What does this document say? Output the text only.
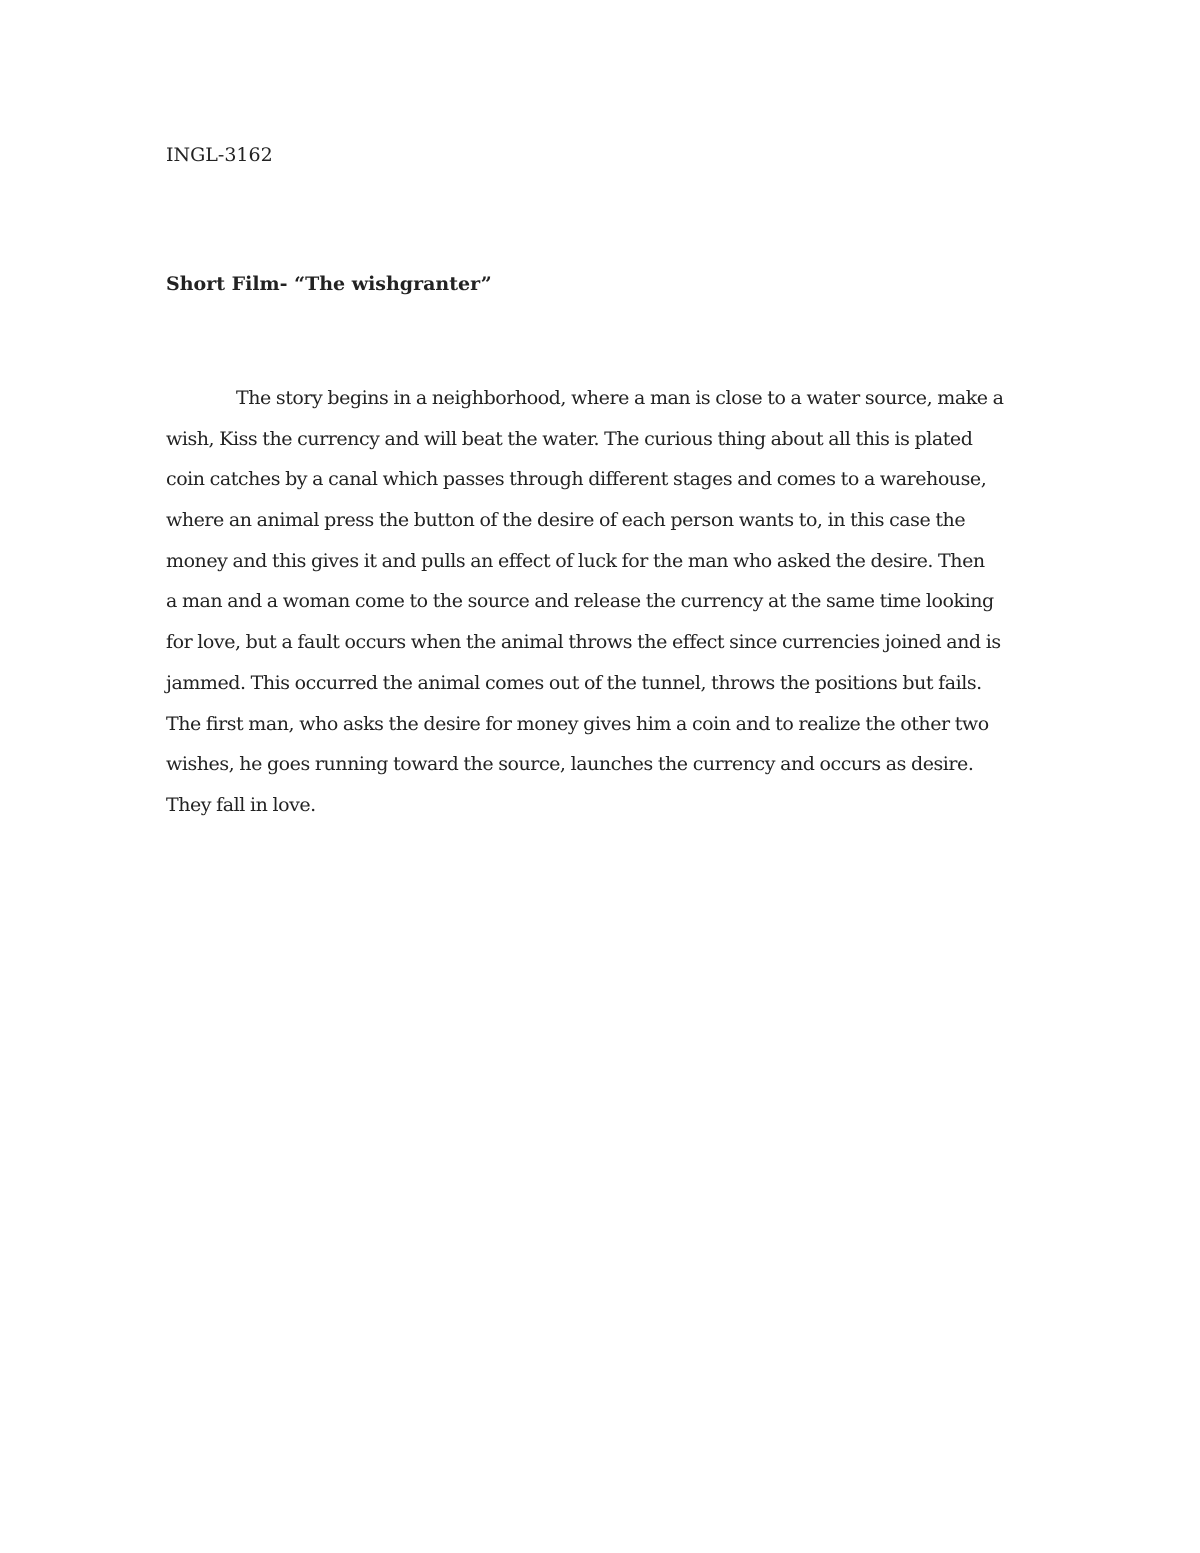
INGL-3162

Short Film- “The wishgranter”

The story begins in a neighborhood, where a man is close to a water source, make a
wish, Kiss the currency and will beat the water. The curious thing about all this is plated
coin catches by a canal which passes through different stages and comes to a warehouse,
where an animal press the button of the desire of each person wants to, in this case the
money and this gives it and pulls an effect of luck for the man who asked the desire. Then
a man and a woman come to the source and release the currency at the same time looking
for love, but a fault occurs when the animal throws the effect since currencies joined and is
jammed. This occurred the animal comes out of the tunnel, throws the positions but fails.
The first man, who asks the desire for money gives him a coin and to realize the other two
wishes, he goes running toward the source, launches the currency and occurs as desire.
They fall in love.
